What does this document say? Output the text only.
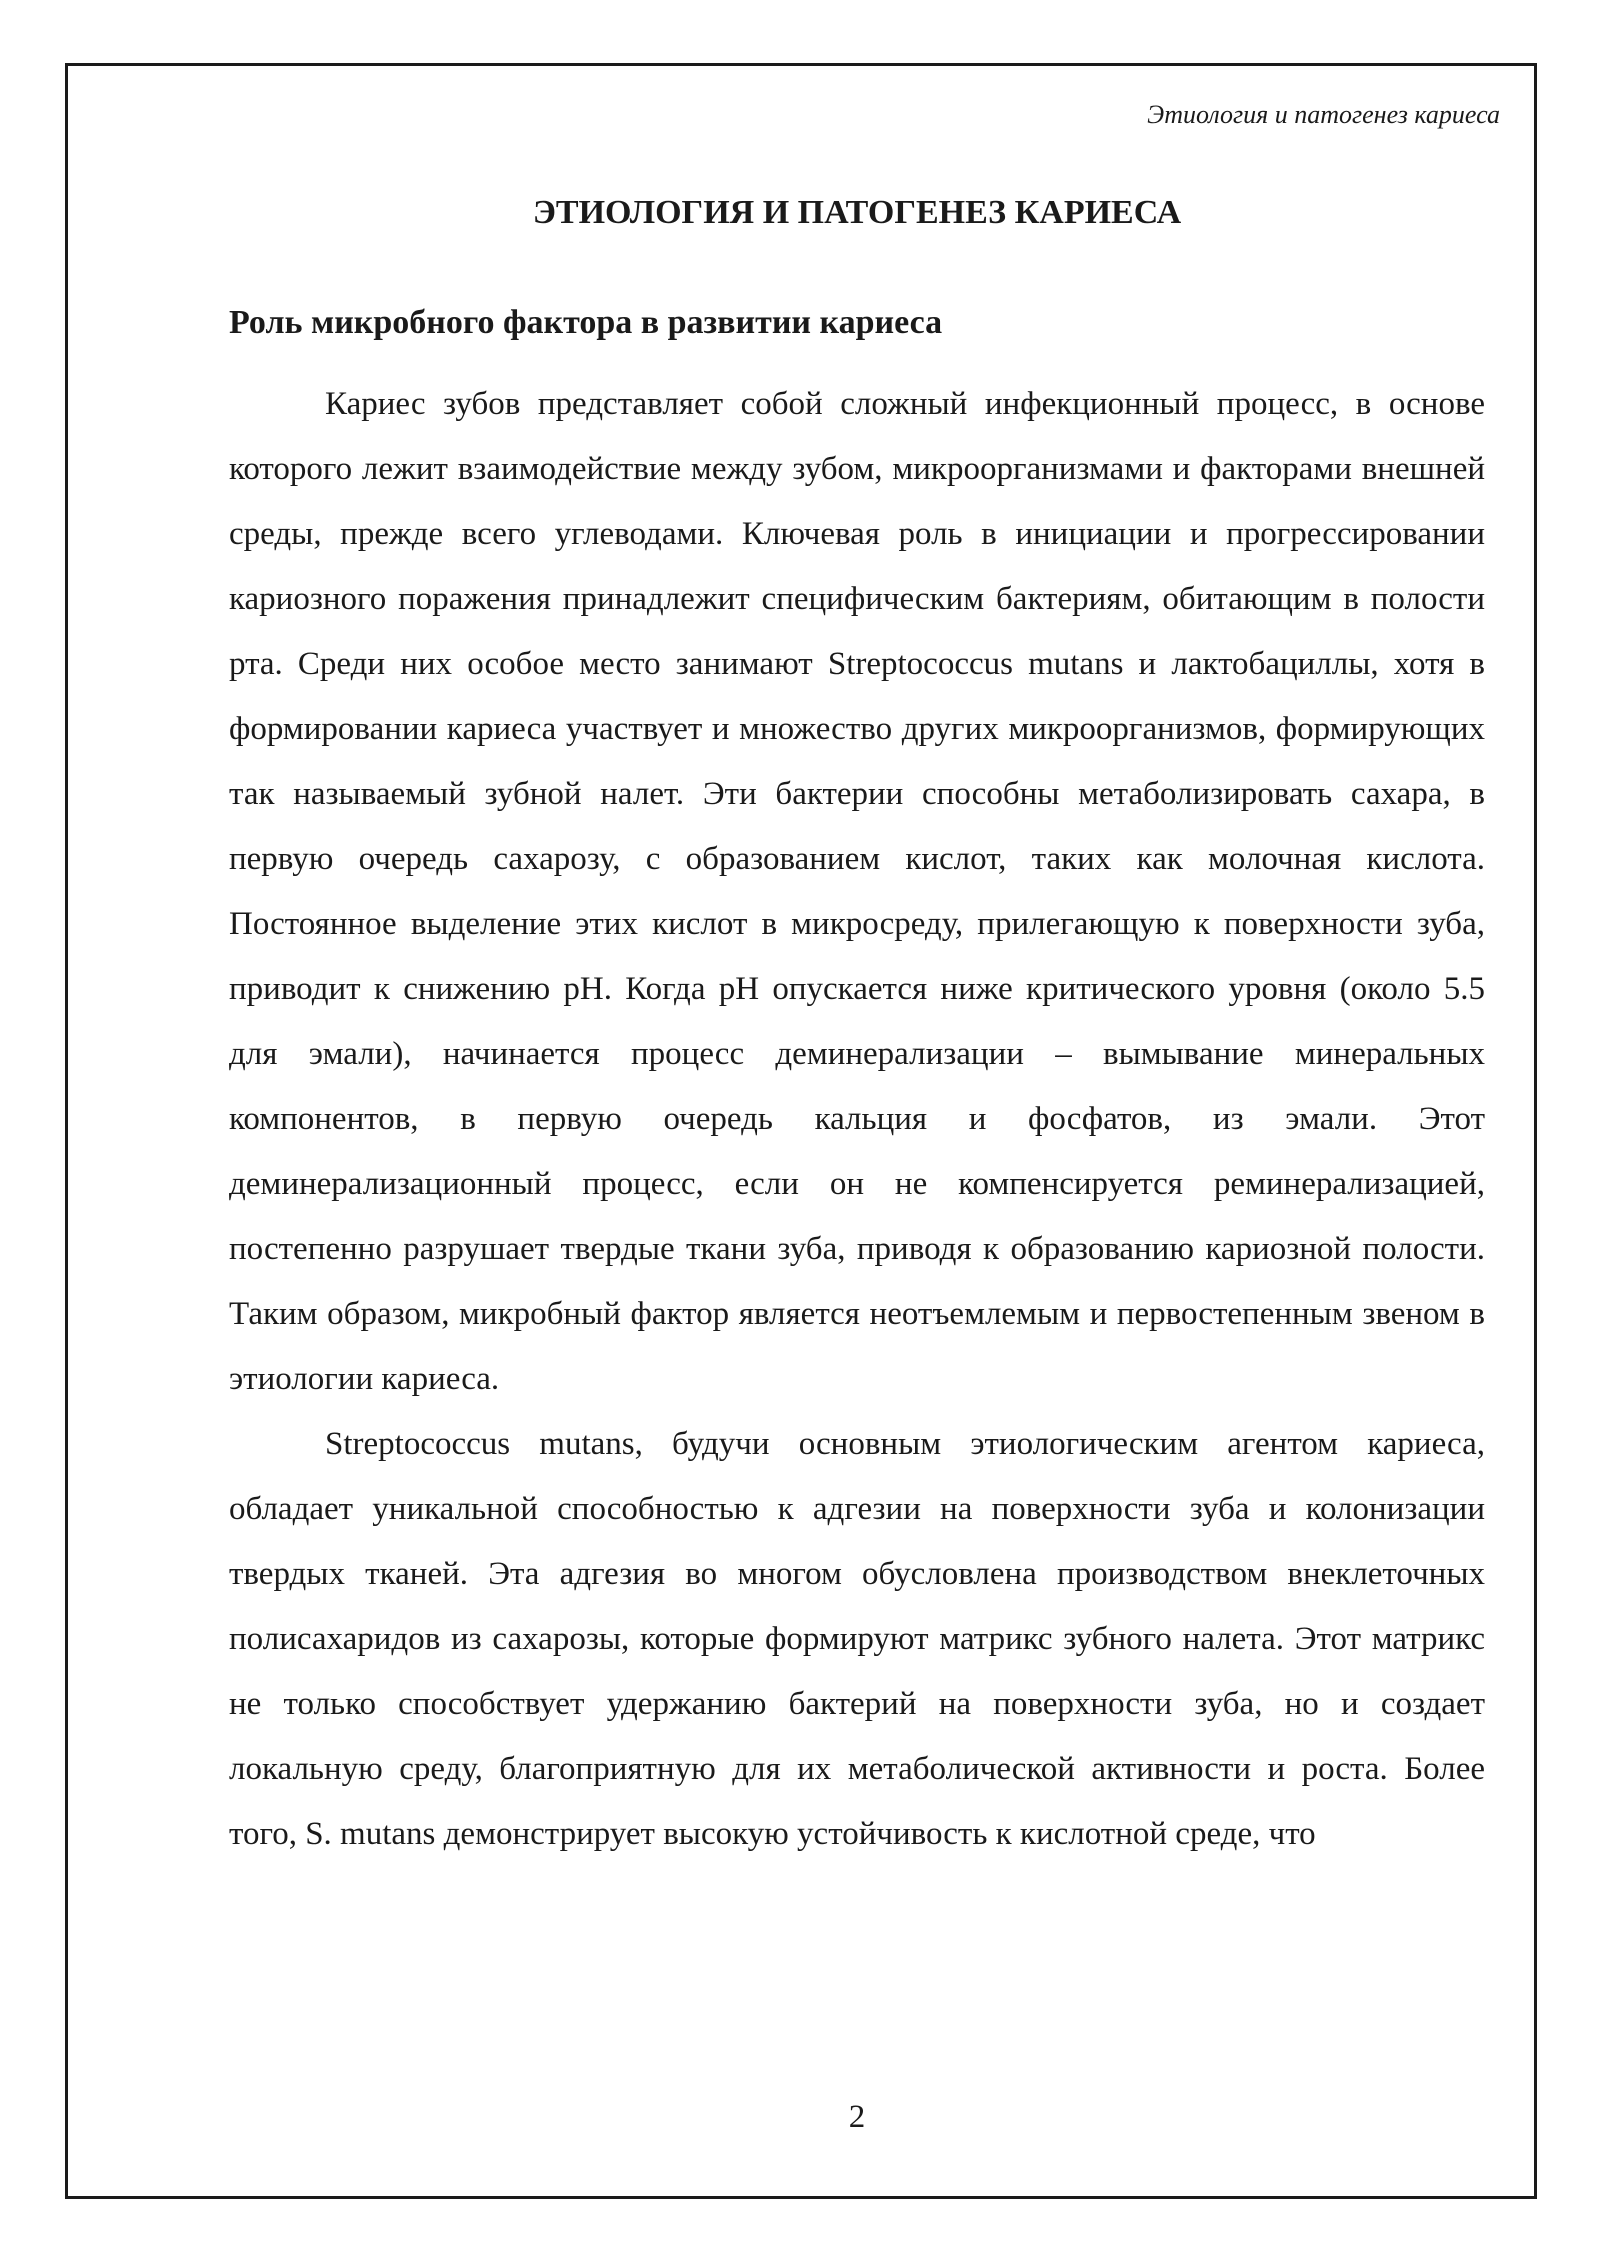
Этиология и патогенез кариеса
ЭТИОЛОГИЯ И ПАТОГЕНЕЗ КАРИЕСА
Роль микробного фактора в развитии кариеса

Кариес зубов представляет собой сложный инфекционный процесс, в основе которого лежит взаимодействие между зубом, микроорганизмами и факторами внешней среды, прежде всего углеводами. Ключевая роль в инициации и прогрессировании кариозного поражения принадлежит специфическим бактериям, обитающим в полости рта. Среди них особое место занимают Streptococcus mutans и лактобациллы, хотя в формировании кариеса участвует и множество других микроорганизмов, формирующих так называемый зубной налет. Эти бактерии способны метаболизировать сахара, в первую очередь сахарозу, с образованием кислот, таких как молочная кислота. Постоянное выделение этих кислот в микросреду, прилегающую к поверхности зуба, приводит к снижению pH. Когда pH опускается ниже критического уровня (около 5.5 для эмали), начинается процесс деминерализации – вымывание минеральных компонентов, в первую очередь кальция и фосфатов, из эмали. Этот деминерализационный процесс, если он не компенсируется реминерализацией, постепенно разрушает твердые ткани зуба, приводя к образованию кариозной полости. Таким образом, микробный фактор является неотъемлемым и первостепенным звеном в этиологии кариеса.

Streptococcus mutans, будучи основным этиологическим агентом кариеса, обладает уникальной способностью к адгезии на поверхности зуба и колонизации твердых тканей. Эта адгезия во многом обусловлена производством внеклеточных полисахаридов из сахарозы, которые формируют матрикс зубного налета. Этот матрикс не только способствует удержанию бактерий на поверхности зуба, но и создает локальную среду, благоприятную для их метаболической активности и роста. Более того, S. mutans демонстрирует высокую устойчивость к кислотной среде, что

2
